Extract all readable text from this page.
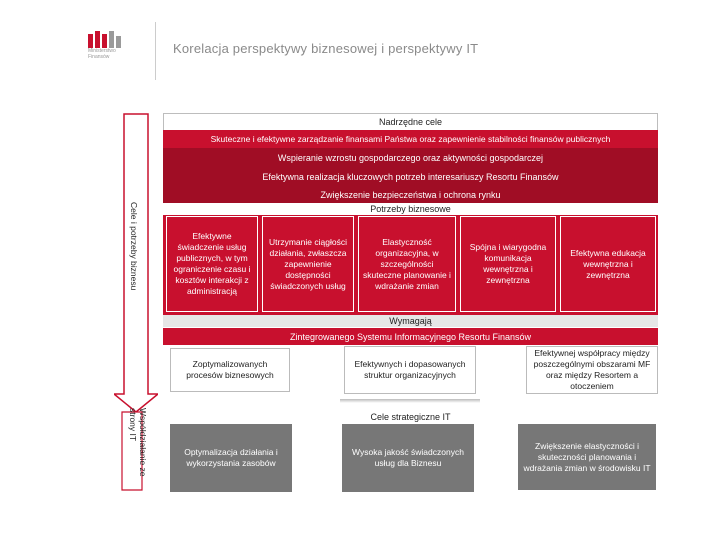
Ministerstwo
Finansów
Korelacja perspektywy biznesowej i perspektywy IT
Cele i potrzeby biznesu
Współdziałanie ze strony IT
Nadrzędne cele
Skuteczne i efektywne zarządzanie finansami Państwa oraz zapewnienie stabilności finansów publicznych
Wspieranie wzrostu gospodarczego oraz aktywności gospodarczej
Efektywna realizacja kluczowych potrzeb interesariuszy Resortu Finansów
Zwiększenie bezpieczeństwa i ochrona rynku
Potrzeby biznesowe
Efektywne świadczenie usług publicznych, w tym ograniczenie czasu i kosztów interakcji z administracją
Utrzymanie ciągłości działania, zwłaszcza zapewnienie dostępności świadczonych usług
Elastyczność organizacyjna, w szczególności skuteczne planowanie i wdrażanie zmian
Spójna i wiarygodna komunikacja wewnętrzna i zewnętrzna
Efektywna edukacja wewnętrzna i zewnętrzna
Wymagają
Zintegrowanego Systemu Informacyjnego Resortu Finansów
Zoptymalizowanych procesów biznesowych
Efektywnych i dopasowanych struktur organizacyjnych
Efektywnej współpracy między poszczególnymi obszarami MF oraz między Resortem a otoczeniem
Cele strategiczne IT
Optymalizacja działania i wykorzystania zasobów
Wysoka jakość świadczonych usług dla Biznesu
Zwiększenie elastyczności i skuteczności planowania i wdrażania zmian w środowisku IT
